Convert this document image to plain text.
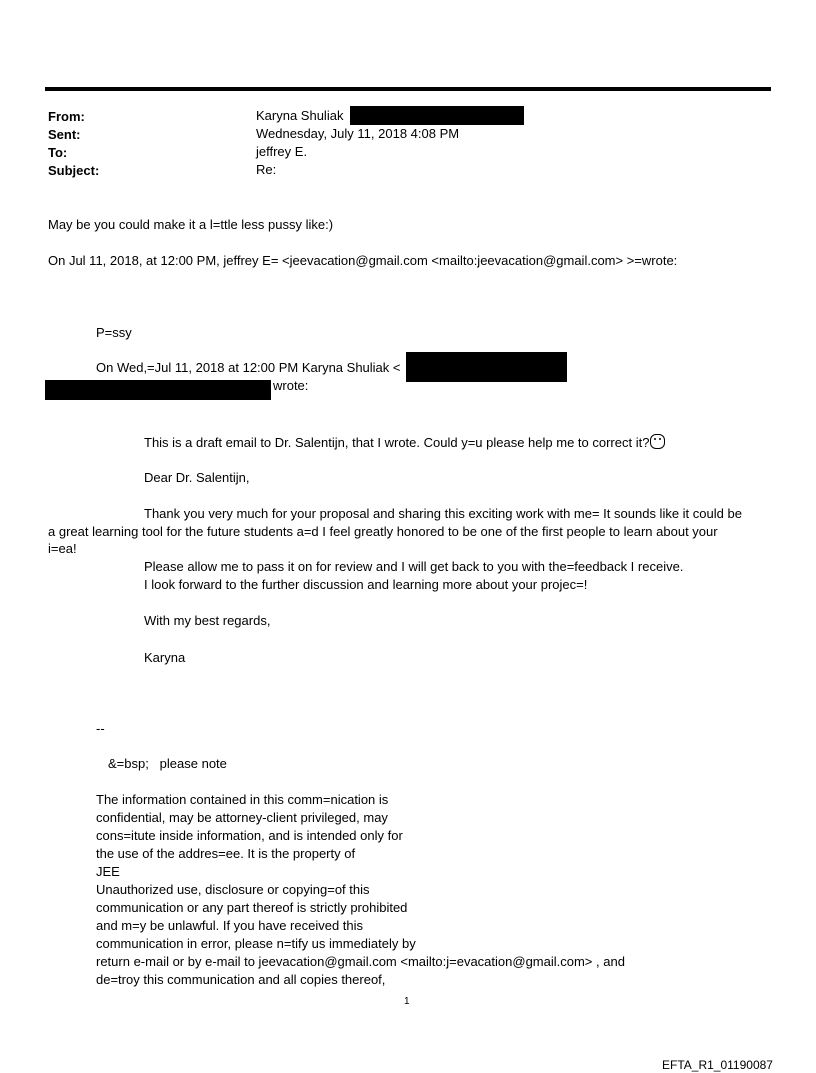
From:	Karyna Shuliak
Sent:	Wednesday, July 11, 2018 4:08 PM
To:	jeffrey E.
Subject:	Re:
May be you could make it a l=ttle less pussy like:)
On Jul 11, 2018, at 12:00 PM, jeffrey E= <jeevacation@gmail.com <mailto:jeevacation@gmail.com> >=wrote:
P=ssy
On Wed,=Jul 11, 2018 at 12:00 PM Karyna Shuliak <
wrote:
This is a draft email to Dr. Salentijn, that I wrote. Could y=u please help me to correct it?
Dear Dr. Salentijn,
Thank you very much for your proposal and sharing this exciting work with me= It sounds like it could be
a great learning tool for the future students a=d I feel greatly honored to be one of the first people to learn about your
i=ea!
Please allow me to pass it on for review and I will get back to you with the=feedback I receive.
I look forward to the further discussion and learning more about your projec=!
With my best regards,
Karyna
--
&=bsp;   please note
The information contained in this comm=nication is
confidential, may be attorney-client privileged, may
cons=itute inside information, and is intended only for
the use of the addres=ee. It is the property of
JEE
Unauthorized use, disclosure or copying=of this
communication or any part thereof is strictly prohibited
and m=y be unlawful. If you have received this
communication in error, please n=tify us immediately by
return e-mail or by e-mail to jeevacation@gmail.com <mailto:j=evacation@gmail.com> , and
de=troy this communication and all copies thereof,
1
EFTA_R1_01190087
